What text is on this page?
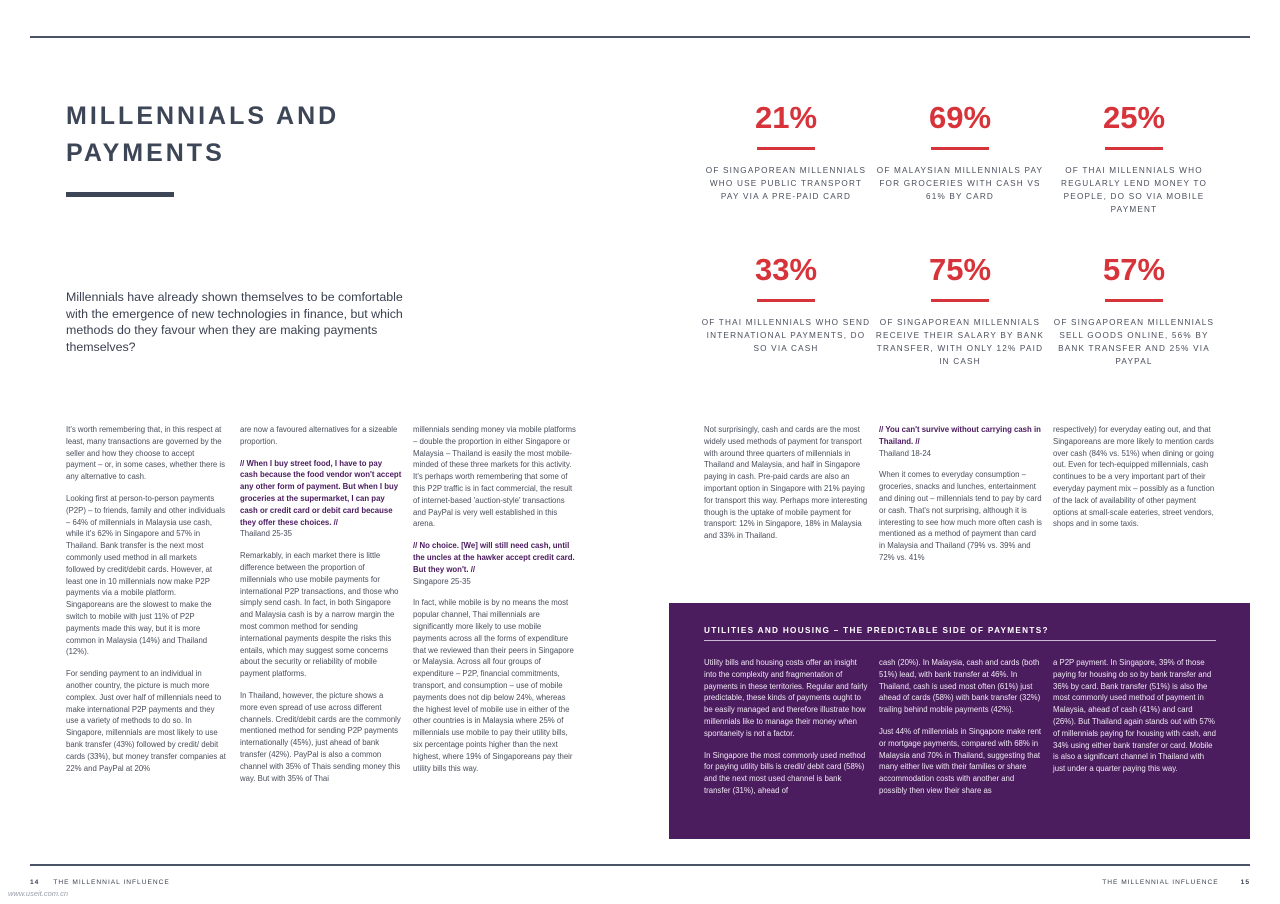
MILLENNIALS AND PAYMENTS
Millennials have already shown themselves to be comfortable with the emergence of new technologies in finance, but which methods do they favour when they are making payments themselves?
21%
OF SINGAPOREAN MILLENNIALS WHO USE PUBLIC TRANSPORT PAY VIA A PRE-PAID CARD
69%
OF MALAYSIAN MILLENNIALS PAY FOR GROCERIES WITH CASH VS 61% BY CARD
25%
OF THAI MILLENNIALS WHO REGULARLY LEND MONEY TO PEOPLE, DO SO VIA MOBILE PAYMENT
33%
OF THAI MILLENNIALS WHO SEND INTERNATIONAL PAYMENTS, DO SO VIA CASH
75%
OF SINGAPOREAN MILLENNIALS RECEIVE THEIR SALARY BY BANK TRANSFER, WITH ONLY 12% PAID IN CASH
57%
OF SINGAPOREAN MILLENNIALS SELL GOODS ONLINE, 56% BY BANK TRANSFER AND 25% VIA PAYPAL

It's worth remembering that, in this respect at least, many transactions are governed by the seller and how they choose to accept payment – or, in some cases, whether there is any alternative to cash.

Looking first at person-to-person payments (P2P) – to friends, family and other individuals – 64% of millennials in Malaysia use cash, while it's 62% in Singapore and 57% in Thailand. Bank transfer is the next most commonly used method in all markets followed by credit/debit cards. However, at least one in 10 millennials now make P2P payments via a mobile platform. Singaporeans are the slowest to make the switch to mobile with just 11% of P2P payments made this way, but it is more common in Malaysia (14%) and Thailand (12%).

For sending payment to an individual in another country, the picture is much more complex. Just over half of millennials need to make international P2P payments and they use a variety of methods to do so. In Singapore, millennials are most likely to use bank transfer (43%) followed by credit/ debit cards (33%), but money transfer companies at 22% and PayPal at 20%

are now a favoured alternatives for a sizeable proportion.

// When I buy street food, I have to pay cash because the food vendor won't accept any other form of payment. But when I buy groceries at the supermarket, I can pay cash or credit card or debit card because they offer these choices. //
Thailand 25-35

Remarkably, in each market there is little difference between the proportion of millennials who use mobile payments for international P2P transactions, and those who simply send cash. In fact, in both Singapore and Malaysia cash is by a narrow margin the most common method for sending international payments despite the risks this entails, which may suggest some concerns about the security or reliability of mobile payment platforms.

In Thailand, however, the picture shows a more even spread of use across different channels. Credit/debit cards are the commonly mentioned method for sending P2P payments internationally (45%), just ahead of bank transfer (42%). PayPal is also a common channel with 35% of Thais sending money this way. But with 35% of Thai

millennials sending money via mobile platforms – double the proportion in either Singapore or Malaysia – Thailand is easily the most mobile-minded of these three markets for this activity. It's perhaps worth remembering that some of this P2P traffic is in fact commercial, the result of internet-based 'auction-style' transactions and PayPal is very well established in this arena.

// No choice. [We] will still need cash, until the uncles at the hawker accept credit card. But they won't. //
Singapore 25-35

In fact, while mobile is by no means the most popular channel, Thai millennials are significantly more likely to use mobile payments across all the forms of expenditure that we reviewed than their peers in Singapore or Malaysia. Across all four groups of expenditure – P2P, financial commitments, transport, and consumption – use of mobile payments does not dip below 24%, whereas the highest level of mobile use in either of the other countries is in Malaysia where 25% of millennials use mobile to pay their utility bills, six percentage points higher than the next highest, where 19% of Singaporeans pay their utility bills this way.

Not surprisingly, cash and cards are the most widely used methods of payment for transport with around three quarters of millennials in Thailand and Malaysia, and half in Singapore paying in cash. Pre-paid cards are also an important option in Singapore with 21% paying for transport this way. Perhaps more interesting though is the uptake of mobile payment for transport: 12% in Singapore, 18% in Malaysia and 33% in Thailand.

// You can't survive without carrying cash in Thailand. //
Thailand 18-24

When it comes to everyday consumption – groceries, snacks and lunches, entertainment and dining out – millennials tend to pay by card or cash. That's not surprising, although it is interesting to see how much more often cash is mentioned as a method of payment than card in Malaysia and Thailand (79% vs. 39% and 72% vs. 41%

respectively) for everyday eating out, and that Singaporeans are more likely to mention cards over cash (84% vs. 51%) when dining or going out. Even for tech-equipped millennials, cash continues to be a very important part of their everyday payment mix – possibly as a function of the lack of availability of other payment options at small-scale eateries, street vendors, shops and in some taxis.

UTILITIES AND HOUSING – THE PREDICTABLE SIDE OF PAYMENTS?

Utility bills and housing costs offer an insight into the complexity and fragmentation of payments in these territories. Regular and fairly predictable, these kinds of payments ought to be easily managed and therefore illustrate how millennials like to manage their money when spontaneity is not a factor.

In Singapore the most commonly used method for paying utility bills is credit/ debit card (58%) and the next most used channel is bank transfer (31%), ahead of

cash (20%). In Malaysia, cash and cards (both 51%) lead, with bank transfer at 46%. In Thailand, cash is used most often (61%) just ahead of cards (58%) with bank transfer (32%) trailing behind mobile payments (42%).

Just 44% of millennials in Singapore make rent or mortgage payments, compared with 68% in Malaysia and 70% in Thailand, suggesting that many either live with their families or share accommodation costs with another and possibly then view their share as

a P2P payment. In Singapore, 39% of those paying for housing do so by bank transfer and 36% by card. Bank transfer (51%) is also the most commonly used method of payment in Malaysia, ahead of cash (41%) and card (26%). But Thailand again stands out with 57% of millennials paying for housing with cash, and 34% using either bank transfer or card. Mobile is also a significant channel in Thailand with just under a quarter paying this way.

14 THE MILLENNIAL INFLUENCE	THE MILLENNIAL INFLUENCE	15
www.useit.com.cn
